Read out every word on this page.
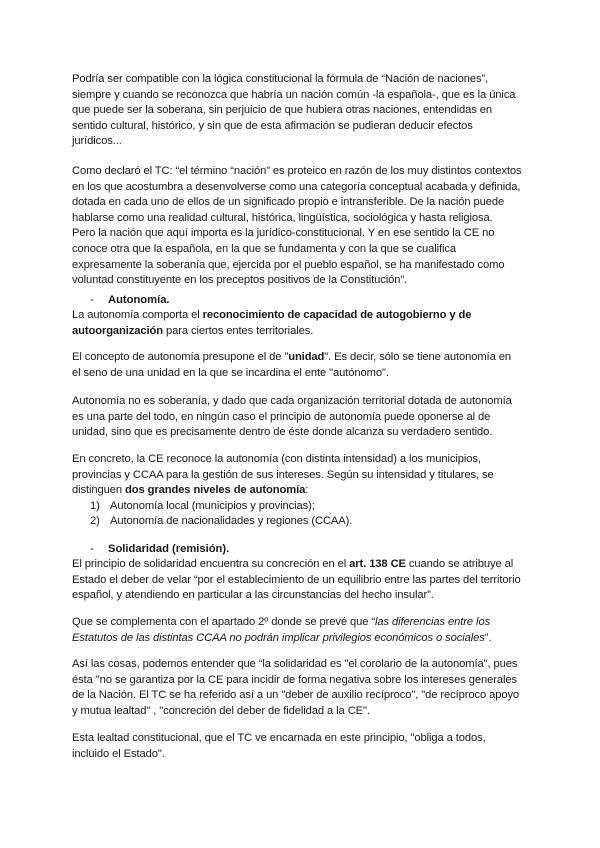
Podría ser compatible con la lógica constitucional la fórmula de “Nación de naciones”,
siempre y cuando se reconozca que habría un nación común -la española-, que es la única
que puede ser la soberana, sin perjuicio de que hubiera otras naciones, entendidas en
sentido cultural, histórico, y sin que de esta afirmación se pudieran deducir efectos
jurídicos...
Como declaró el TC: “el término “nación” es proteico en razón de los muy distintos contextos
en los que acostumbra a desenvolverse como una categoría conceptual acabada y definida,
dotada en cada uno de ellos de un significado propio e intransferible. De la nación puede
hablarse como una realidad cultural, histórica, lingüística, sociológica y hasta religiosa.
Pero la nación que aquí importa es la jurídico-constitucional. Y en ese sentido la CE no
conoce otra que la española, en la que se fundamenta y con la que se cualifica
expresamente la soberanía que, ejercida por el pueblo español, se ha manifestado como
voluntad constituyente en los preceptos positivos de la Constitución”.
- Autonomía.
La autonomía comporta el reconocimiento de capacidad de autogobierno y de
autoorganización para ciertos entes territoriales.
El concepto de autonomía presupone el de "unidad". Es decir, sólo se tiene autonomía en
el seno de una unidad en la que se incardina el ente "autónomo".
Autonomía no es soberanía, y dado que cada organización territorial dotada de autonomía
es una parte del todo, en ningún caso el principio de autonomía puede oponerse al de
unidad, sino que es precisamente dentro de éste donde alcanza su verdadero sentido.
En concreto, la CE reconoce la autonomía (con distinta intensidad) a los municipios,
provincias y CCAA para la gestión de sus intereses. Según su intensidad y titulares, se
distinguen dos grandes niveles de autonomía:
1) Autonomía local (municipios y provincias);
2) Autonomía de nacionalidades y regiones (CCAA).
- Solidaridad (remisión).
El principio de solidaridad encuentra su concreción en el art. 138 CE cuando se atribuye al
Estado el deber de velar “por el establecimiento de un equilibrio entre las partes del territorio
español, y atendiendo en particular a las circunstancias del hecho insular”.
Que se complementa con el apartado 2º donde se prevé que “las diferencias entre los
Estatutos de las distintas CCAA no podrán implicar privilegios económicos o sociales”.
Así las cosas, podemos entender que “la solidaridad es "el corolario de la autonomía", pues
ésta "no se garantiza por la CE para incidir de forma negativa sobre los intereses generales
de la Nación. El TC se ha referido así a un "deber de auxilio recíproco", "de recíproco apoyo
y mutua lealtad" , "concreción del deber de fidelidad a la CE".
Esta lealtad constitucional, que el TC ve encarnada en este principio, "obliga a todos,
incluido el Estado".
